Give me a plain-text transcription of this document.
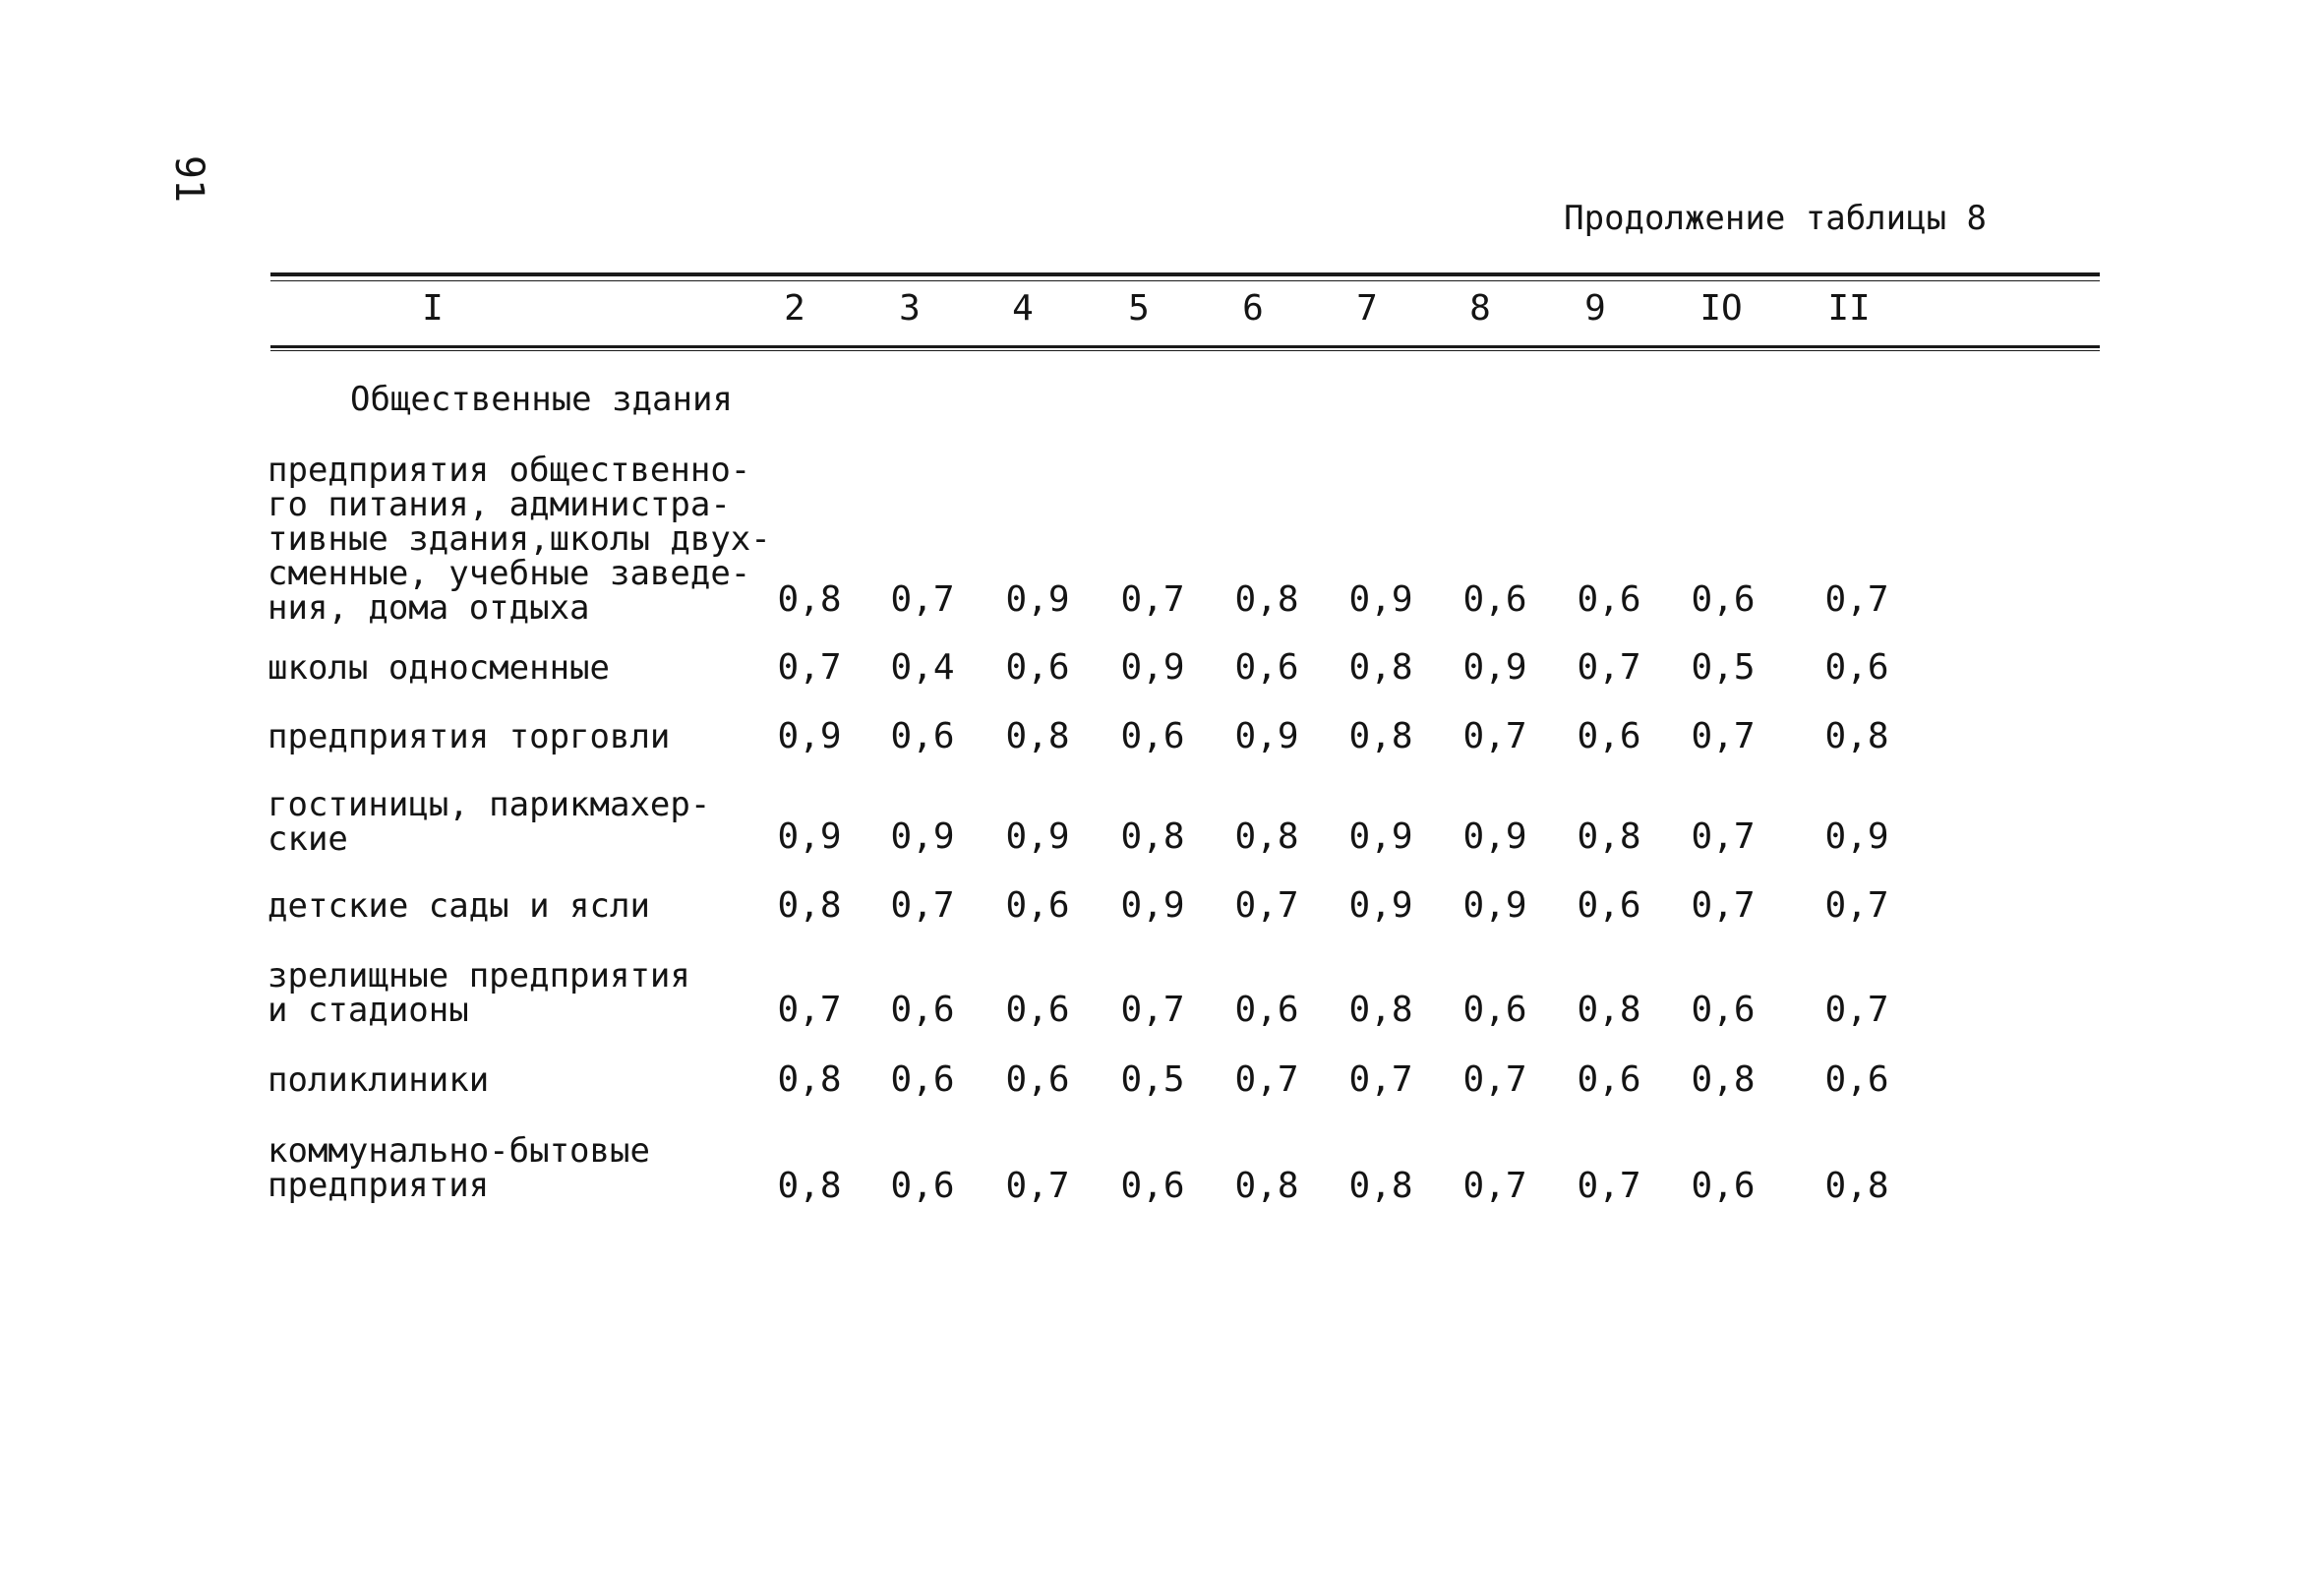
91
Продолжение таблицы 8
I	2	3	4	5	6	7	8	9	IO	II
Общественные здания
предприятия общественно-
го питания, администра-
тивные здания,школы двух-
сменные, учебные заведе-
ния, дома отдыха	0,8	0,7	0,9	0,7	0,8	0,9	0,6	0,6	0,6	0,7
школы односменные	0,7	0,4	0,6	0,9	0,6	0,8	0,9	0,7	0,5	0,6
предприятия торговли	0,9	0,6	0,8	0,6	0,9	0,8	0,7	0,6	0,7	0,8
гостиницы, парикмахер-
ские	0,9	0,9	0,9	0,8	0,8	0,9	0,9	0,8	0,7	0,9
детские сады и ясли	0,8	0,7	0,6	0,9	0,7	0,9	0,9	0,6	0,7	0,7
зрелищные предприятия
и стадионы	0,7	0,6	0,6	0,7	0,6	0,8	0,6	0,8	0,6	0,7
поликлиники	0,8	0,6	0,6	0,5	0,7	0,7	0,7	0,6	0,8	0,6
коммунально-бытовые
предприятия	0,8	0,6	0,7	0,6	0,8	0,8	0,7	0,7	0,6	0,8
